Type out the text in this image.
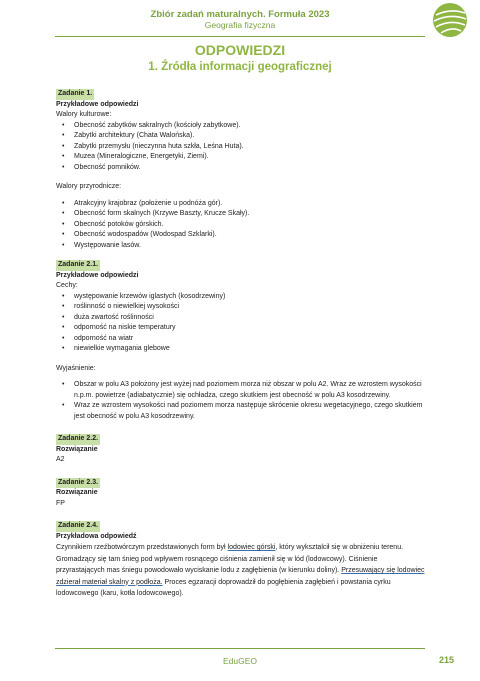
Zbiór zadań maturalnych. Formuła 2023
Geografia fizyczna
ODPOWIEDZI
1. Źródła informacji geograficznej
Zadanie 1.
Przykładowe odpowiedzi
Walory kulturowe:
• Obecność zabytków sakralnych (kościoły zabytkowe).
• Zabytki architektury (Chata Walońska).
• Zabytki przemysłu (nieczynna huta szkła, Leśna Huta).
• Muzea (Mineralogiczne, Energetyki, Ziemi).
• Obecność pomników.
Walory przyrodnicze:
• Atrakcyjny krajobraz (położenie u podnóża gór).
• Obecność form skalnych (Krzywe Baszty, Krucze Skały).
• Obecność potoków górskich.
• Obecność wodospadów (Wodospad Szklarki).
• Występowanie lasów.
Zadanie 2.1.
Przykładowe odpowiedzi
Cechy:
• występowanie krzewów iglastych (kosodrzewiny)
• roślinność o niewielkiej wysokości
• duża zwartość roślinności
• odporność na niskie temperatury
• odporność na wiatr
• niewielkie wymagania glebowe
Wyjaśnienie:
• Obszar w polu A3 położony jest wyżej nad poziomem morza niż obszar w polu A2. Wraz ze wzrostem wysokości n.p.m. powietrze (adiabatycznie) się ochładza, czego skutkiem jest obecność w polu A3 kosodrzewiny.
• Wraz ze wzrostem wysokości nad poziomem morza następuje skrócenie okresu wegetacyjnego, czego skutkiem jest obecność w polu A3 kosodrzewiny.
Zadanie 2.2.
Rozwiązanie
A2
Zadanie 2.3.
Rozwiązanie
FP
Zadanie 2.4.
Przykładowa odpowiedź
Czynnikiem rzeźbotwórczym przedstawionych form był lodowiec górski, który wyksztalcił się w obniżeniu terenu. Gromadzący się tam śnieg pod wpływem rosnącego ciśnienia zamienił się w lód (lodowcowy). Ciśnienie przyrastających mas śniegu powodowało wyciskanie lodu z zagłębienia (w kierunku doliny). Przesuwający się lodowiec zdzierał materiał skalny z podłoża. Proces egzaracji doprowadził do pogłębienia zagłębień i powstania cyrku lodowcowego (karu, kotła lodowcowego).
EduGEO	215
